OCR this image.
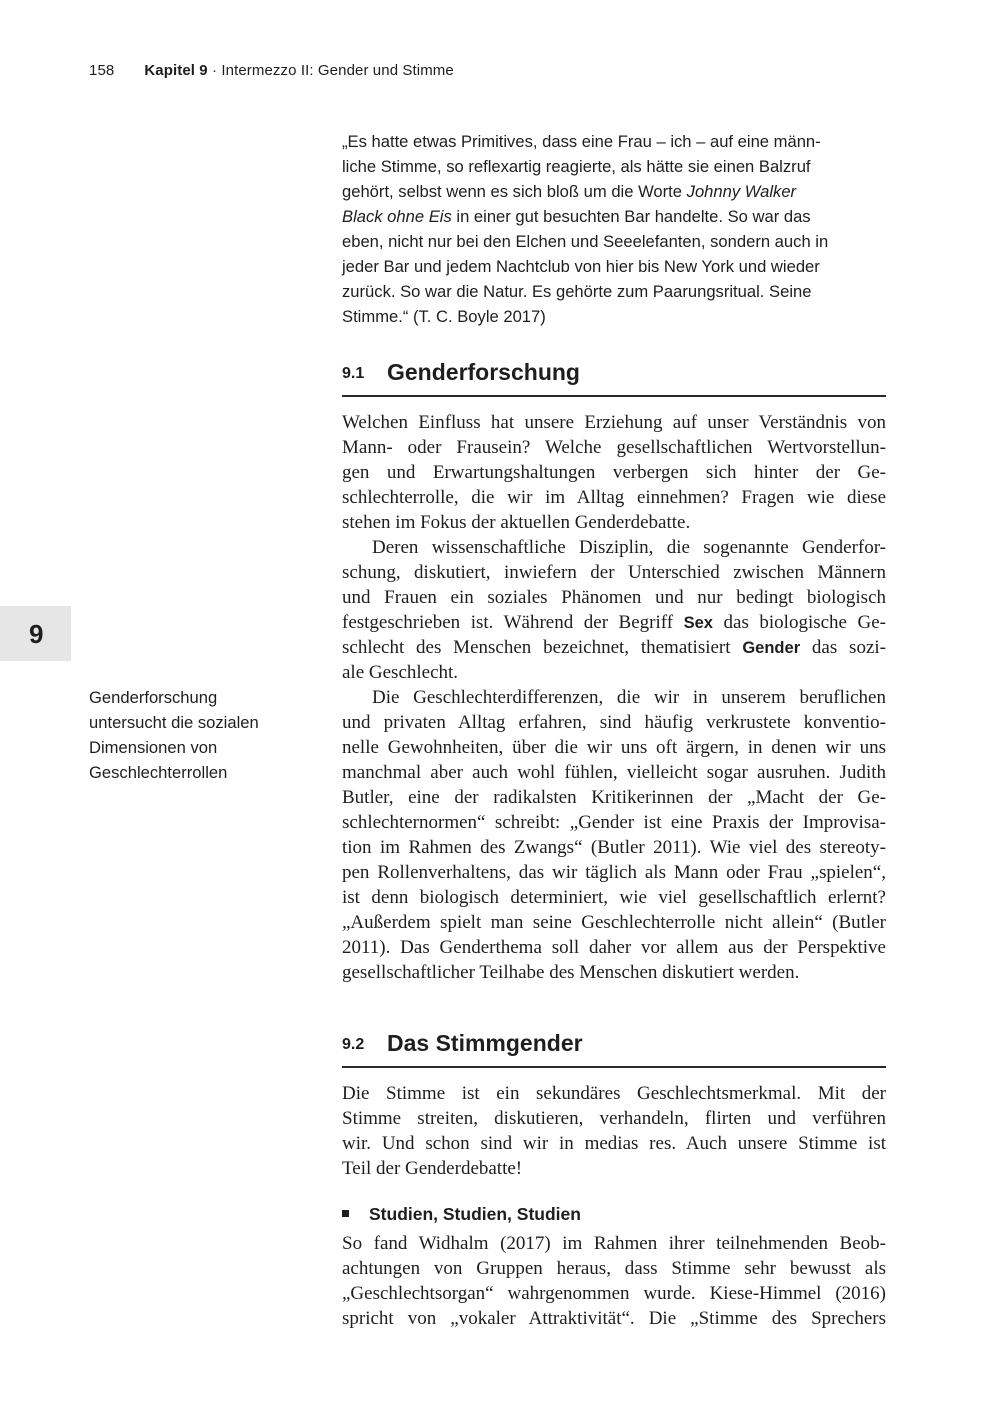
158 Kapitel 9 · Intermezzo II: Gender und Stimme
„Es hatte etwas Primitives, dass eine Frau – ich – auf eine männ-
liche Stimme, so reflexartig reagierte, als hätte sie einen Balzruf
gehört, selbst wenn es sich bloß um die Worte Johnny Walker
Black ohne Eis in einer gut besuchten Bar handelte. So war das
eben, nicht nur bei den Elchen und Seeelefanten, sondern auch in
jeder Bar und jedem Nachtclub von hier bis New York und wieder
zurück. So war die Natur. Es gehörte zum Paarungsritual. Seine
Stimme.“ (T. C. Boyle 2017)
9.1 Genderforschung
Welchen Einfluss hat unsere Erziehung auf unser Verständnis von
Mann- oder Frausein? Welche gesellschaftlichen Wertvorstellun-
gen und Erwartungshaltungen verbergen sich hinter der Ge-
schlechterrolle, die wir im Alltag einnehmen? Fragen wie diese
stehen im Fokus der aktuellen Genderdebatte.
Deren wissenschaftliche Disziplin, die sogenannte Genderfor-
schung, diskutiert, inwiefern der Unterschied zwischen Männern
und Frauen ein soziales Phänomen und nur bedingt biologisch
festgeschrieben ist. Während der Begriff Sex das biologische Ge-
schlecht des Menschen bezeichnet, thematisiert Gender das sozi-
ale Geschlecht.
Die Geschlechterdifferenzen, die wir in unserem beruflichen
und privaten Alltag erfahren, sind häufig verkrustete konventio-
nelle Gewohnheiten, über die wir uns oft ärgern, in denen wir uns
manchmal aber auch wohl fühlen, vielleicht sogar ausruhen. Judith
Butler, eine der radikalsten Kritikerinnen der „Macht der Ge-
schlechternormen“ schreibt: „Gender ist eine Praxis der Improvisa-
tion im Rahmen des Zwangs“ (Butler 2011). Wie viel des stereoty-
pen Rollenverhaltens, das wir täglich als Mann oder Frau „spielen“,
ist denn biologisch determiniert, wie viel gesellschaftlich erlernt?
„Außerdem spielt man seine Geschlechterrolle nicht allein“ (Butler
2011). Das Genderthema soll daher vor allem aus der Perspektive
gesellschaftlicher Teilhabe des Menschen diskutiert werden.
9
Genderforschung
untersucht die sozialen
Dimensionen von
Geschlechterrollen
9.2 Das Stimmgender
Die Stimme ist ein sekundäres Geschlechtsmerkmal. Mit der
Stimme streiten, diskutieren, verhandeln, flirten und verführen
wir. Und schon sind wir in medias res. Auch unsere Stimme ist
Teil der Genderdebatte!
Studien, Studien, Studien
So fand Widhalm (2017) im Rahmen ihrer teilnehmenden Beob-
achtungen von Gruppen heraus, dass Stimme sehr bewusst als
„Geschlechtsorgan“ wahrgenommen wurde. Kiese-Himmel (2016)
spricht von „vokaler Attraktivität“. Die „Stimme des Sprechers
